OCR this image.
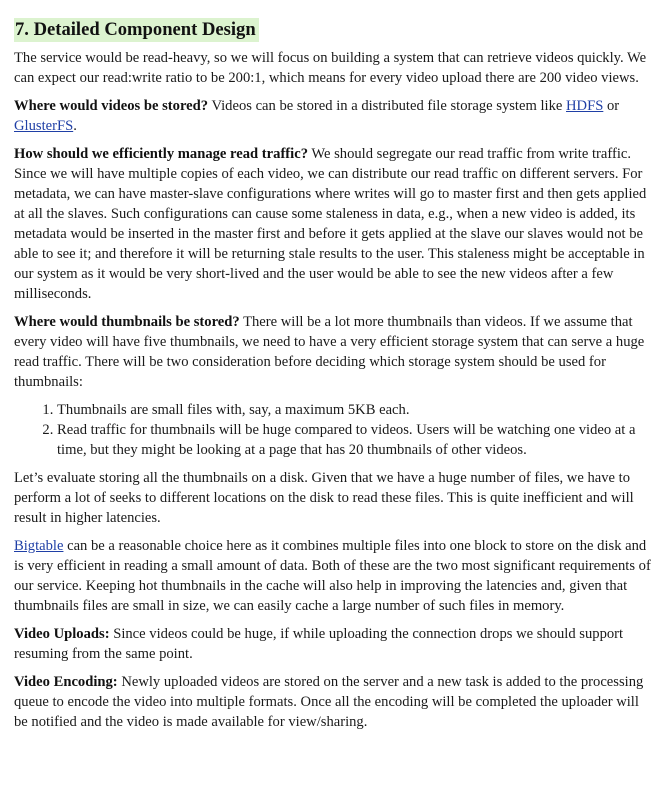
7. Detailed Component Design

The service would be read-heavy, so we will focus on building a system that can retrieve videos quickly. We can expect our read:write ratio to be 200:1, which means for every video upload there are 200 video views.

Where would videos be stored? Videos can be stored in a distributed file storage system like HDFS or GlusterFS.

How should we efficiently manage read traffic? We should segregate our read traffic from write traffic. Since we will have multiple copies of each video, we can distribute our read traffic on different servers. For metadata, we can have master-slave configurations where writes will go to master first and then gets applied at all the slaves. Such configurations can cause some staleness in data, e.g., when a new video is added, its metadata would be inserted in the master first and before it gets applied at the slave our slaves would not be able to see it; and therefore it will be returning stale results to the user. This staleness might be acceptable in our system as it would be very short-lived and the user would be able to see the new videos after a few milliseconds.

Where would thumbnails be stored? There will be a lot more thumbnails than videos. If we assume that every video will have five thumbnails, we need to have a very efficient storage system that can serve a huge read traffic. There will be two consideration before deciding which storage system should be used for thumbnails:

1. Thumbnails are small files with, say, a maximum 5KB each.
2. Read traffic for thumbnails will be huge compared to videos. Users will be watching one video at a time, but they might be looking at a page that has 20 thumbnails of other videos.

Let’s evaluate storing all the thumbnails on a disk. Given that we have a huge number of files, we have to perform a lot of seeks to different locations on the disk to read these files. This is quite inefficient and will result in higher latencies.

Bigtable can be a reasonable choice here as it combines multiple files into one block to store on the disk and is very efficient in reading a small amount of data. Both of these are the two most significant requirements of our service. Keeping hot thumbnails in the cache will also help in improving the latencies and, given that thumbnails files are small in size, we can easily cache a large number of such files in memory.

Video Uploads: Since videos could be huge, if while uploading the connection drops we should support resuming from the same point.

Video Encoding: Newly uploaded videos are stored on the server and a new task is added to the processing queue to encode the video into multiple formats. Once all the encoding will be completed the uploader will be notified and the video is made available for view/sharing.
